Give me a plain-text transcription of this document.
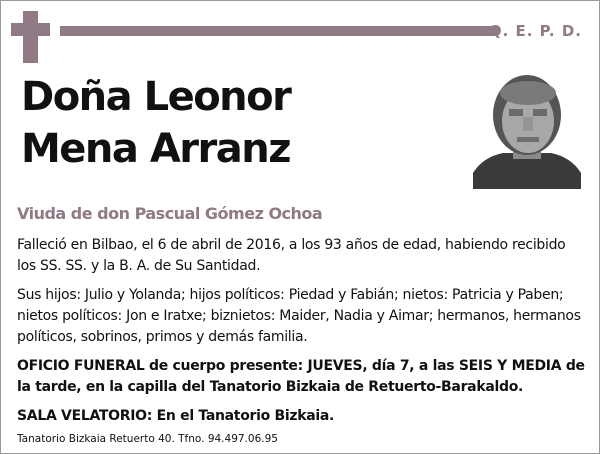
Q. E. P. D.
Doña Leonor
Mena Arranz
Viuda de don Pascual Gómez Ochoa

Falleció en Bilbao, el 6 de abril de 2016, a los 93 años de edad, habiendo recibido los SS. SS. y la B. A. de Su Santidad.

Sus hijos: Julio y Yolanda; hijos políticos: Piedad y Fabián; nietos: Patricia y Paben; nietos políticos: Jon e Iratxe; biznietos: Maider, Nadia y Aimar; hermanos, hermanos políticos, sobrinos, primos y demás familia.

OFICIO FUNERAL de cuerpo presente: JUEVES, día 7, a las SEIS Y MEDIA de la tarde, en la capilla del Tanatorio Bizkaia de Retuerto-Barakaldo.

SALA VELATORIO: En el Tanatorio Bizkaia.

Tanatorio Bizkaia Retuerto 40. Tfno. 94.497.06.95
